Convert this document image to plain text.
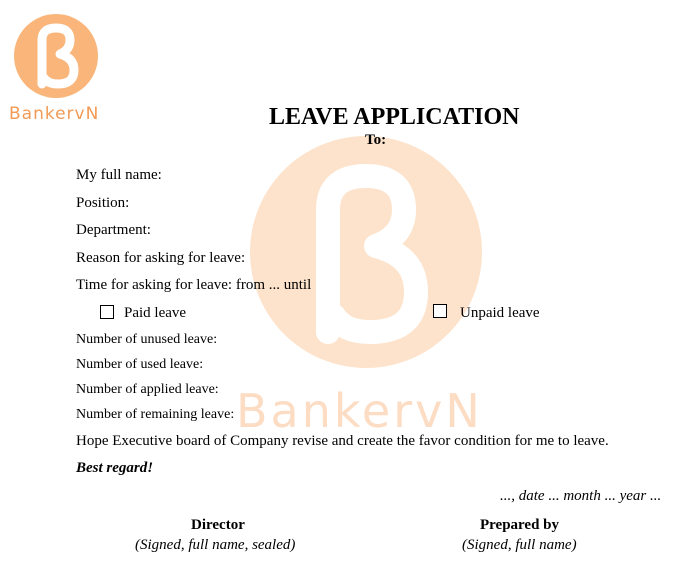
BankervN
BankervN
LEAVE APPLICATION
To:
My full name:
Position:
Department:
Reason for asking for leave:
Time for asking for leave: from ... until
Paid leave	Unpaid leave
Number of unused leave:
Number of used leave:
Number of applied leave:
Number of remaining leave:
Hope Executive board of Company revise and create the favor condition for me to leave.
Best regard!
..., date ... month ... year ...
Director
(Signed, full name, sealed)
Prepared by
(Signed, full name)
